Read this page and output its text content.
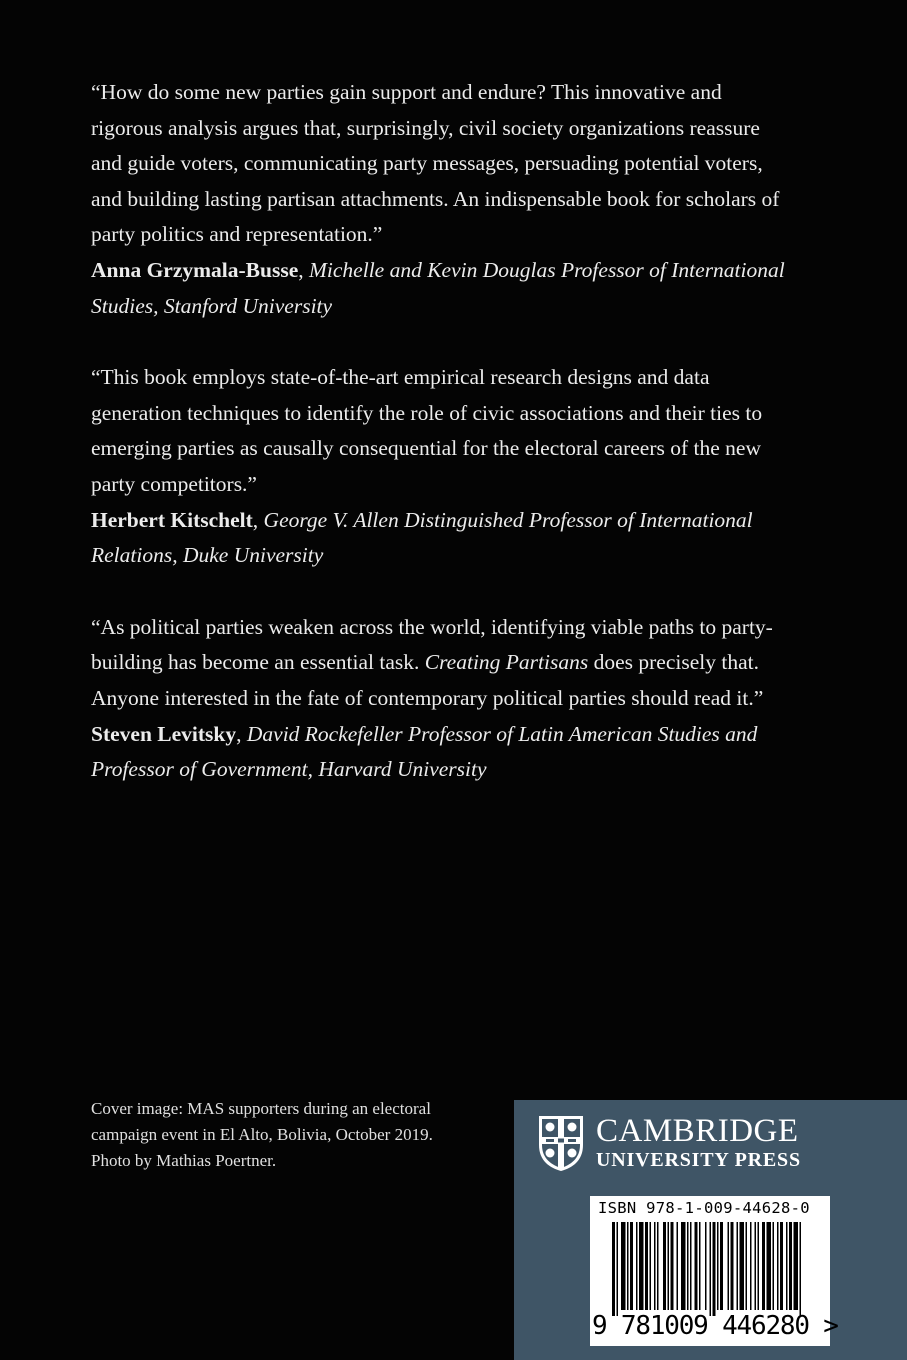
“How do some new parties gain support and endure? This innovative and rigorous analysis argues that, surprisingly, civil society organizations reassure and guide voters, communicating party messages, persuading potential voters, and building lasting partisan attachments. An indispensable book for scholars of party politics and representation.”
Anna Grzymala-Busse, Michelle and Kevin Douglas Professor of International Studies, Stanford University
“This book employs state-of-the-art empirical research designs and data generation techniques to identify the role of civic associations and their ties to emerging parties as causally consequential for the electoral careers of the new party competitors.”
Herbert Kitschelt, George V. Allen Distinguished Professor of International Relations, Duke University
“As political parties weaken across the world, identifying viable paths to party-building has become an essential task. Creating Partisans does precisely that. Anyone interested in the fate of contemporary political parties should read it.”
Steven Levitsky, David Rockefeller Professor of Latin American Studies and Professor of Government, Harvard University
Cover image: MAS supporters during an electoral campaign event in El Alto, Bolivia, October 2019. Photo by Mathias Poertner.
CAMBRIDGE
UNIVERSITY PRESS
ISBN 978-1-009-44628-0
9 781009 446280 >
